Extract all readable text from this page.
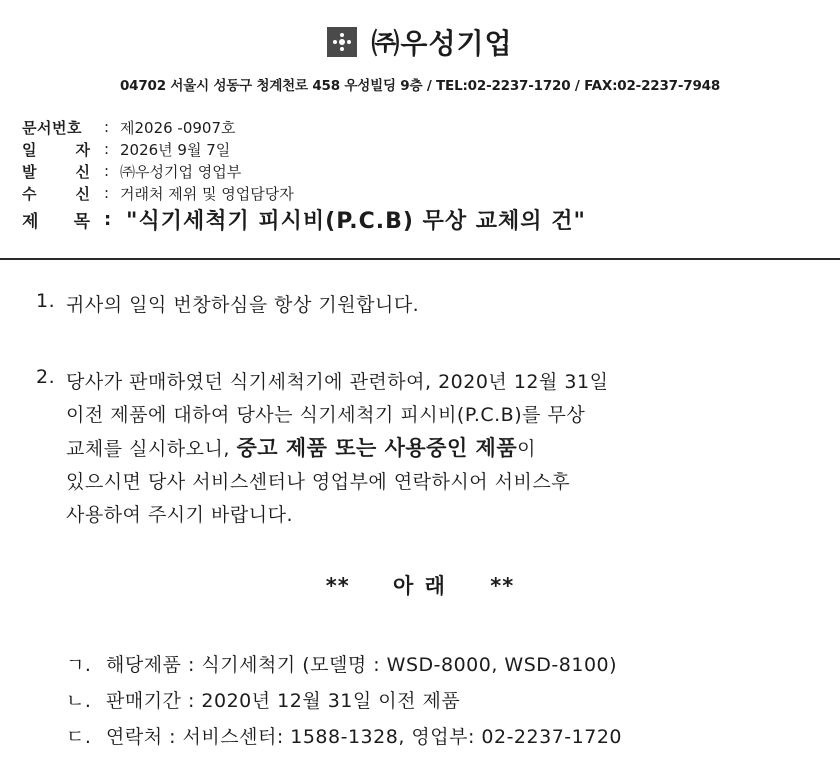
㈜우성기업
04702 서울시 성동구 청계천로 458 우성빌딩 9층 / TEL:02-2237-1720 / FAX:02-2237-7948
문서번호	: 제2026 -0907호
일	자 : 2026년 9월 7일
발	신 : ㈜우성기업 영업부
수	신 : 거래처 제위 및 영업담당자
제 목 : "식기세척기 피시비(P.C.B) 무상 교체의 건"
1. 귀사의 일익 번창하심을 항상 기원합니다.
2. 당사가 판매하였던 식기세척기에 관련하여, 2020년 12월 31일
이전 제품에 대하여 당사는 식기세척기 피시비(P.C.B)를 무상
교체를 실시하오니, 중고 제품 또는 사용중인 제품이
있으시면 당사 서비스센터나 영업부에 연락하시어 서비스후
사용하여 주시기 바랍니다.
** 아 래 **
ㄱ. 해당제품 : 식기세척기 (모델명 : WSD-8000, WSD-8100)
ㄴ. 판매기간 : 2020년 12월 31일 이전 제품
ㄷ. 연락처 : 서비스센터: 1588-1328, 영업부: 02-2237-1720
